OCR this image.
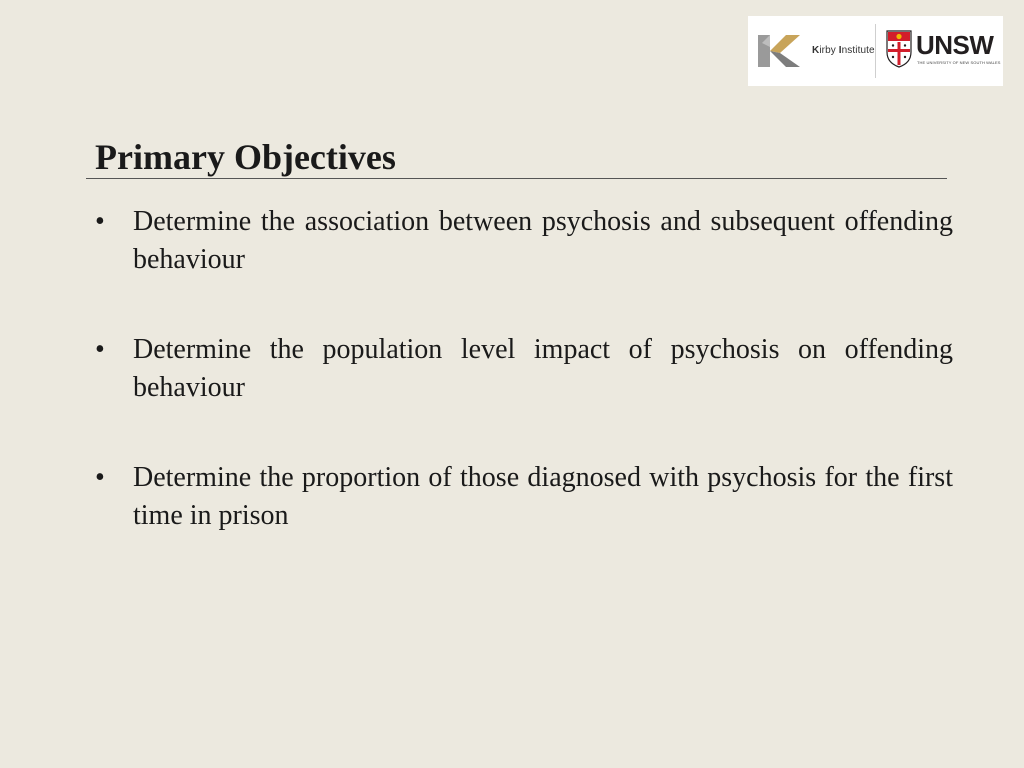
Kirby Institute UNSW
THE UNIVERSITY OF NEW SOUTH WALES
Primary Objectives
• Determine the association between psychosis and subsequent offending behaviour
• Determine the population level impact of psychosis on offending behaviour
• Determine the proportion of those diagnosed with psychosis for the first time in prison
